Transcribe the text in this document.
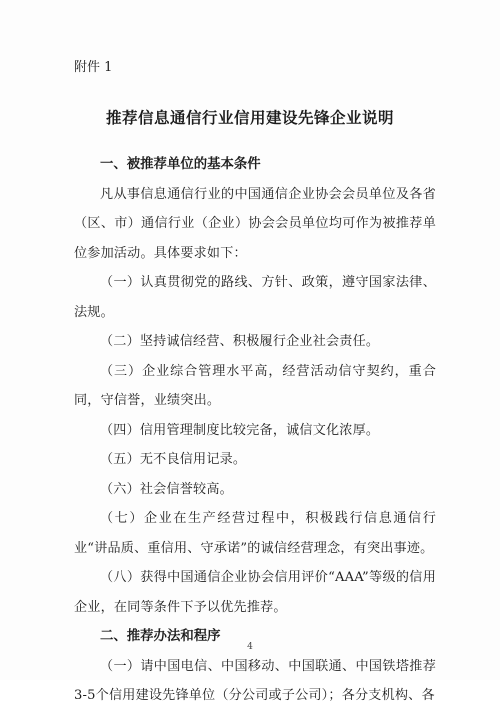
附件 1
推荐信息通信行业信用建设先锋企业说明
一、被推荐单位的基本条件
凡从事信息通信行业的中国通信企业协会会员单位及各省（区、市）通信行业（企业）协会会员单位均可作为被推荐单位参加活动。具体要求如下：
（一）认真贯彻党的路线、方针、政策，遵守国家法律、法规。
（二）坚持诚信经营、积极履行企业社会责任。
（三）企业综合管理水平高，经营活动信守契约，重合同，守信誉，业绩突出。
（四）信用管理制度比较完备，诚信文化浓厚。
（五）无不良信用记录。
（六）社会信誉较高。
（七）企业在生产经营过程中，积极践行信息通信行业“讲品质、重信用、守承诺”的诚信经营理念，有突出事迹。
（八）获得中国通信企业协会信用评价“AAA”等级的信用企业，在同等条件下予以优先推荐。
二、推荐办法和程序
（一）请中国电信、中国移动、中国联通、中国铁塔推荐3-5个信用建设先锋单位（分公司或子公司）；各分支机构、各
4
